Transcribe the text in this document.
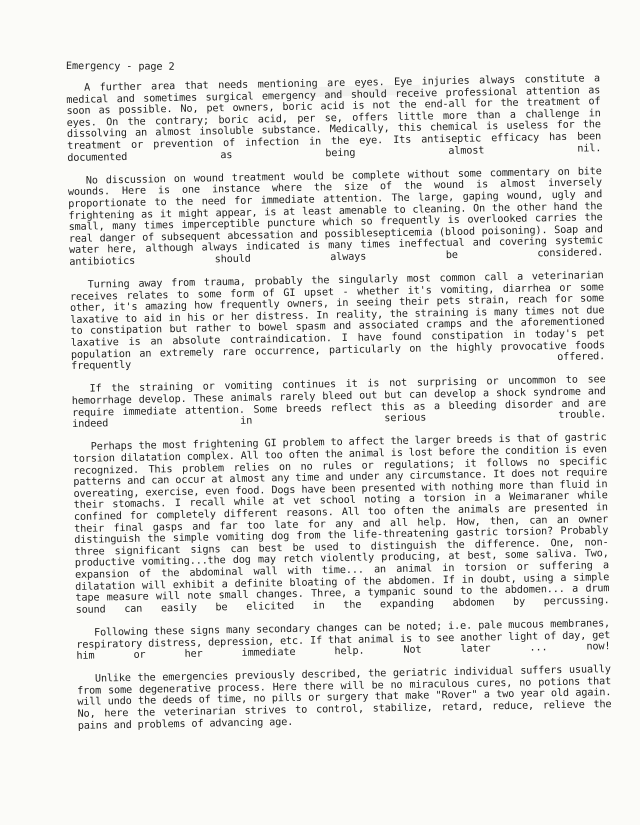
Emergency - page 2

A further area that needs mentioning are eyes. Eye injuries always constitute a medical and sometimes surgical emergency and should receive professional attention as soon as possible. No, pet owners, boric acid is not the end-all for the treatment of eyes. On the contrary; boric acid, per se, offers little more than a challenge in dissolving an almost insoluble substance. Medically, this chemical is useless for the treatment or prevention of infection in the eye. Its antiseptic efficacy has been documented as being almost nil.

No discussion on wound treatment would be complete without some commentary on bite wounds. Here is one instance where the size of the wound is almost inversely proportionate to the need for immediate attention. The large, gaping wound, ugly and frightening as it might appear, is at least amenable to cleaning. On the other hand the small, many times imperceptible puncture which so frequently is overlooked carries the real danger of subsequent abcessation and possiblesepticemia (blood poisoning). Soap and water here, although always indicated is many times ineffectual and covering systemic antibiotics should always be considered.

Turning away from trauma, probably the singularly most common call a veterinarian receives relates to some form of GI upset - whether it's vomiting, diarrhea or some other, it's amazing how frequently owners, in seeing their pets strain, reach for some laxative to aid in his or her distress. In reality, the straining is many times not due to constipation but rather to bowel spasm and associated cramps and the aforementioned laxative is an absolute contraindication. I have found constipation in today's pet population an extremely rare occurrence, particularly on the highly provocative foods frequently offered.

If the straining or vomiting continues it is not surprising or uncommon to see hemorrhage develop. These animals rarely bleed out but can develop a shock syndrome and require immediate attention. Some breeds reflect this as a bleeding disorder and are indeed in serious trouble.

Perhaps the most frightening GI problem to affect the larger breeds is that of gastric torsion dilatation complex. All too often the animal is lost before the condition is even recognized. This problem relies on no rules or regulations; it follows no specific patterns and can occur at almost any time and under any circumstance. It does not require overeating, exercise, even food. Dogs have been presented with nothing more than fluid in their stomachs. I recall while at vet school noting a torsion in a Weimaraner while confined for completely different reasons. All too often the animals are presented in their final gasps and far too late for any and all help. How, then, can an owner distinguish the simple vomiting dog from the life-threatening gastric torsion? Probably three significant signs can best be used to distinguish the difference. One, non-productive vomiting...the dog may retch violently producing, at best, some saliva. Two, expansion of the abdominal wall with time... an animal in torsion or suffering a dilatation will exhibit a definite bloating of the abdomen. If in doubt, using a simple tape measure will note small changes. Three, a tympanic sound to the abdomen... a drum sound can easily be elicited in the expanding abdomen by percussing.

Following these signs many secondary changes can be noted; i.e. pale mucous membranes, respiratory distress, depression, etc. If that animal is to see another light of day, get him or her immediate help. Not later ... now!

Unlike the emergencies previously described, the geriatric individual suffers usually from some degenerative process. Here there will be no miraculous cures, no potions that will undo the deeds of time, no pills or surgery that make "Rover" a two year old again. No, here the veterinarian strives to control, stabilize, retard, reduce, relieve the pains and problems of advancing age.
